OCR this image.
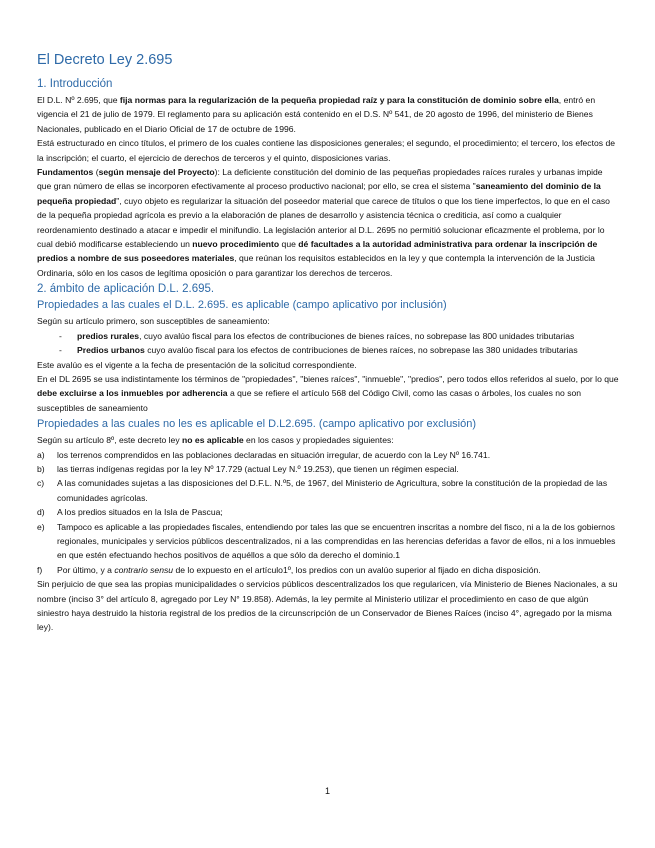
El Decreto Ley 2.695
1. Introducción

El D.L. Nº 2.695, que fija normas para la regularización de la pequeña propiedad raíz y para la constitución de dominio sobre ella, entró en vigencia el 21 de julio de 1979. El reglamento para su aplicación está contenido en el D.S. Nº 541, de 20 agosto de 1996, del ministerio de Bienes Nacionales, publicado en el Diario Oficial de 17 de octubre de 1996.

Está estructurado en cinco títulos, el primero de los cuales contiene las disposiciones generales; el segundo, el procedimiento; el tercero, los efectos de la inscripción; el cuarto, el ejercicio de derechos de terceros y el quinto, disposiciones varias.

Fundamentos (según mensaje del Proyecto): La deficiente constitución del dominio de las pequeñas propiedades raíces rurales y urbanas impide que gran número de ellas se incorporen efectivamente al proceso productivo nacional; por ello, se crea el sistema "saneamiento del dominio de la pequeña propiedad", cuyo objeto es regularizar la situación del poseedor material que carece de títulos o que los tiene imperfectos, lo que en el caso de la pequeña propiedad agrícola es previo a la elaboración de planes de desarrollo y asistencia técnica o crediticia, así como a cualquier reordenamiento destinado a atacar e impedir el minifundio. La legislación anterior al D.L. 2695 no permitió solucionar eficazmente el problema, por lo cual debió modificarse estableciendo un nuevo procedimiento que dé facultades a la autoridad administrativa para ordenar la inscripción de predios a nombre de sus poseedores materiales, que reúnan los requisitos establecidos en la ley y que contempla la intervención de la Justicia Ordinaria, sólo en los casos de legítima oposición o para garantizar los derechos de terceros.

2. ámbito de aplicación D.L. 2.695.
Propiedades a las cuales el D.L. 2.695. es aplicable (campo aplicativo por inclusión)

Según su artículo primero, son susceptibles de saneamiento:

- predios rurales, cuyo avalúo fiscal para los efectos de contribuciones de bienes raíces, no sobrepase las 800 unidades tributarias
- Predios urbanos cuyo avalúo fiscal para los efectos de contribuciones de bienes raíces, no sobrepase las 380 unidades tributarias

Este avalúo es el vigente a la fecha de presentación de la solicitud correspondiente.

En el DL 2695 se usa indistintamente los términos de "propiedades", "bienes raíces", "inmueble", "predios", pero todos ellos referidos al suelo, por lo que debe excluirse a los inmuebles por adherencia a que se refiere el artículo 568 del Código Civil, como las casas o árboles, los cuales no son susceptibles de saneamiento

Propiedades a las cuales no les es aplicable el D.L2.695. (campo aplicativo por exclusión)

Según su artículo 8º, este decreto ley no es aplicable en los casos y propiedades siguientes:

a) los terrenos comprendidos en las poblaciones declaradas en situación irregular, de acuerdo con la Ley Nº 16.741.
b) las tierras indígenas regidas por la ley Nº 17.729 (actual Ley N.º 19.253), que tienen un régimen especial.
c) A las comunidades sujetas a las disposiciones del D.F.L. N.º5, de 1967, del Ministerio de Agricultura, sobre la constitución de la propiedad de las comunidades agrícolas.
d) A los predios situados en la Isla de Pascua;
e) Tampoco es aplicable a las propiedades fiscales, entendiendo por tales las que se encuentren inscritas a nombre del fisco, ni a la de los gobiernos regionales, municipales y servicios públicos descentralizados, ni a las comprendidas en las herencias deferidas a favor de ellos, ni a los inmuebles en que estén efectuando hechos positivos de aquéllos a que sólo da derecho el dominio.1
f) Por último, y a contrario sensu de lo expuesto en el artículo1º, los predios con un avalúo superior al fijado en dicha disposición.

Sin perjuicio de que sea las propias municipalidades o servicios públicos descentralizados los que regularicen, vía Ministerio de Bienes Nacionales, a su nombre (inciso 3° del artículo 8, agregado por Ley N° 19.858). Además, la ley permite al Ministerio utilizar el procedimiento en caso de que algún siniestro haya destruido la historia registral de los predios de la circunscripción de un Conservador de Bienes Raíces (inciso 4°, agregado por la misma ley).

1
